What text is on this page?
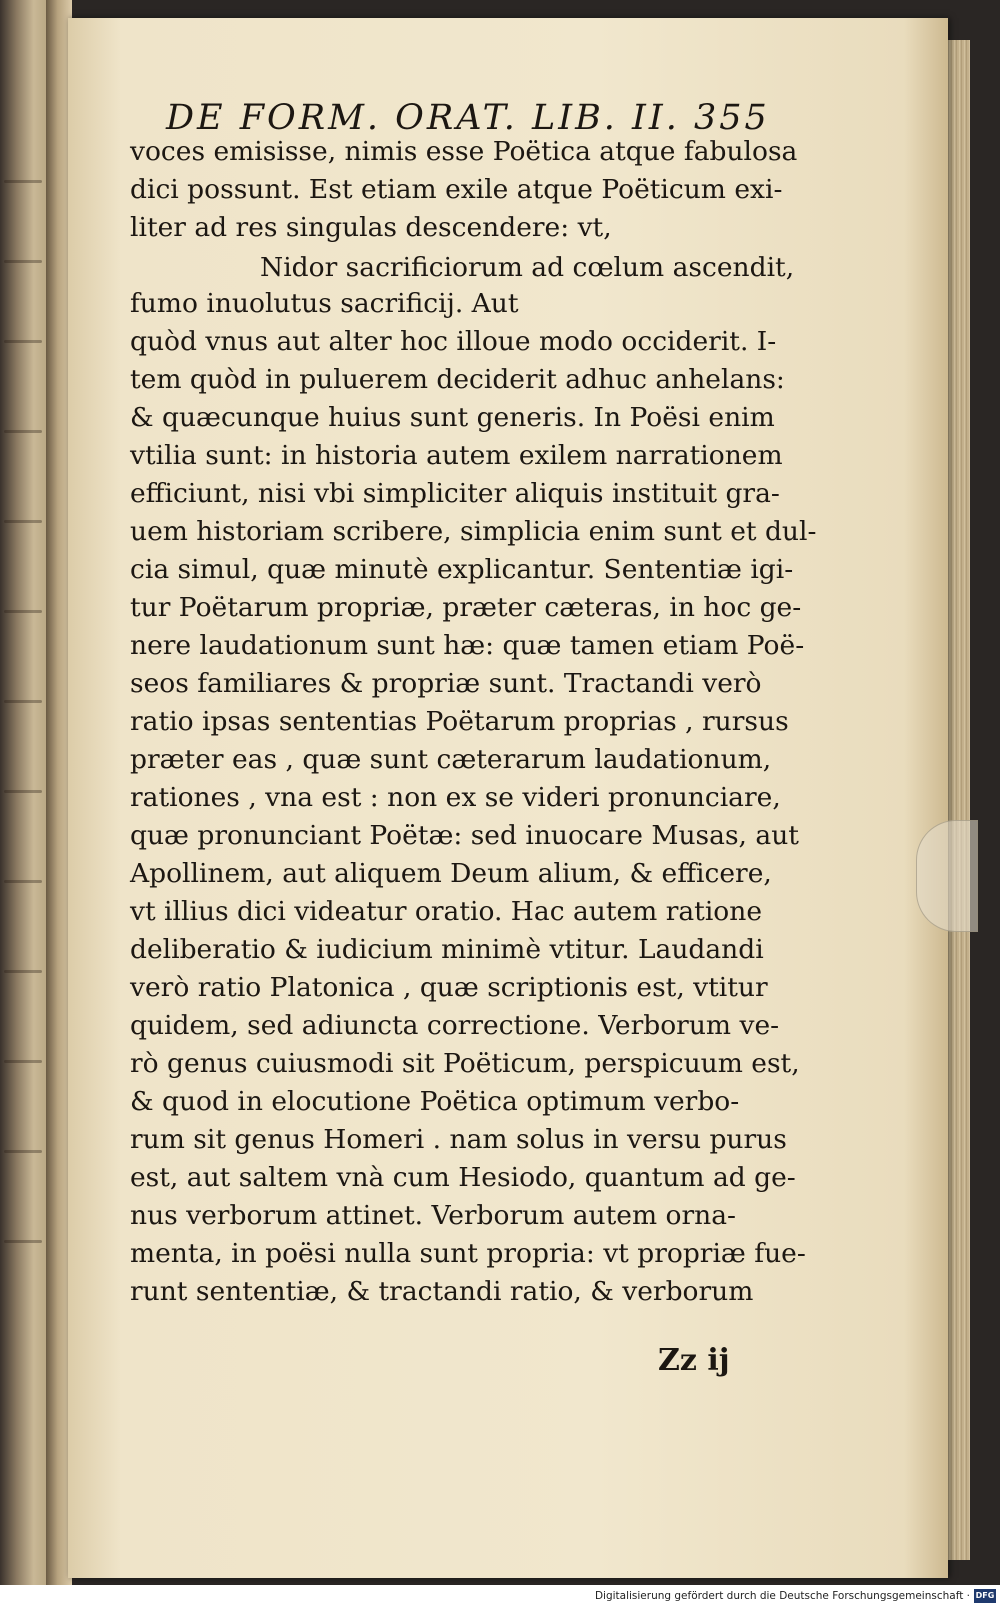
DE FORM. ORAT. LIB. II. 355
voces emisisse, nimis esse Poëtica atque fabulosa
dici possunt. Est etiam exile atque Poëticum exi-
liter ad res singulas descendere: vt,
Nidor sacrificiorum ad cœlum ascendit,
fumo inuolutus sacrificij. Aut
quòd vnus aut alter hoc illoue modo occiderit. I-
tem quòd in puluerem deciderit adhuc anhelans:
& quæcunque huius sunt generis. In Poësi enim
vtilia sunt: in historia autem exilem narrationem
efficiunt, nisi vbi simpliciter aliquis instituit gra-
uem historiam scribere, simplicia enim sunt et dul-
cia simul, quæ minutè explicantur. Sententiæ igi-
tur Poëtarum propriæ, præter cæteras, in hoc ge-
nere laudationum sunt hæ: quæ tamen etiam Poë-
seos familiares & propriæ sunt. Tractandi verò
ratio ipsas sententias Poëtarum proprias , rursus
præter eas , quæ sunt cæterarum laudationum,
rationes , vna est : non ex se videri pronunciare,
quæ pronunciant Poëtæ: sed inuocare Musas, aut
Apollinem, aut aliquem Deum alium, & efficere,
vt illius dici videatur oratio. Hac autem ratione
deliberatio & iudicium minimè vtitur. Laudandi
verò ratio Platonica , quæ scriptionis est, vtitur
quidem, sed adiuncta correctione. Verborum ve-
rò genus cuiusmodi sit Poëticum, perspicuum est,
& quod in elocutione Poëtica optimum verbo-
rum sit genus Homeri . nam solus in versu purus
est, aut saltem vnà cum Hesiodo, quantum ad ge-
nus verborum attinet. Verborum autem orna-
menta, in poësi nulla sunt propria: vt propriæ fue-
runt sententiæ, & tractandi ratio, & verborum
Zz ij
Digitalisierung gefördert durch die Deutsche Forschungsgemeinschaft · DFG
